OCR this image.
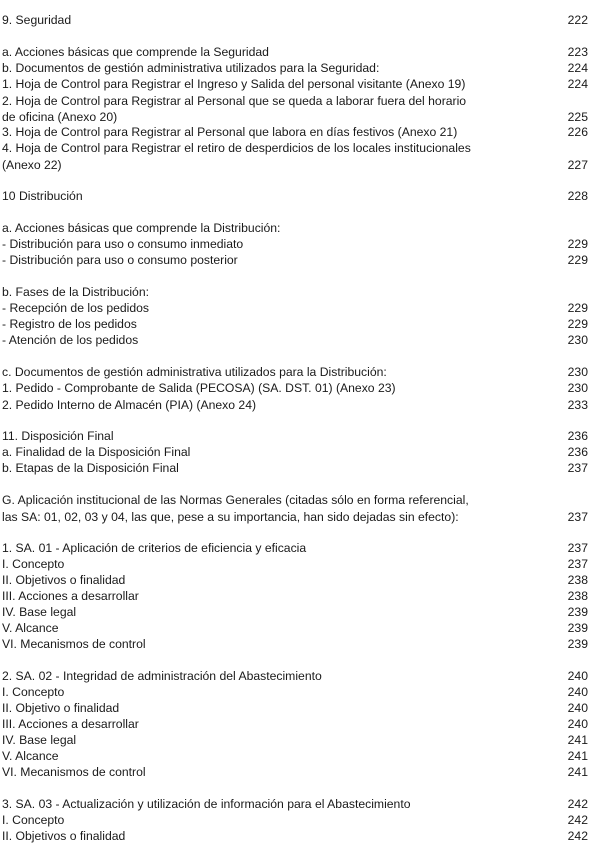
9. Seguridad	222
a. Acciones básicas que comprende la Seguridad	223
b. Documentos de gestión administrativa utilizados para la Seguridad:	224
1. Hoja de Control para Registrar el Ingreso y Salida del personal visitante (Anexo 19)	224
2. Hoja de Control para Registrar al Personal que se queda a laborar fuera del horario
de oficina (Anexo 20)	225
3. Hoja de Control para Registrar al Personal que labora en días festivos (Anexo 21)	226
4. Hoja de Control para Registrar el retiro de desperdicios de los locales institucionales
(Anexo 22)	227
10 Distribución	228
a. Acciones básicas que comprende la Distribución:
- Distribución para uso o consumo inmediato	229
- Distribución para uso o consumo posterior	229
b. Fases de la Distribución:
- Recepción de los pedidos	229
- Registro de los pedidos	229
- Atención de los pedidos	230
c. Documentos de gestión administrativa utilizados para la Distribución:	230
1. Pedido - Comprobante de Salida (PECOSA) (SA. DST. 01) (Anexo 23)	230
2. Pedido Interno de Almacén (PIA) (Anexo 24)	233
11. Disposición Final	236
a. Finalidad de la Disposición Final	236
b. Etapas de la Disposición Final	237
G. Aplicación institucional de las Normas Generales (citadas sólo en forma referencial,
las SA: 01, 02, 03 y 04, las que, pese a su importancia, han sido dejadas sin efecto):	237
1. SA. 01 - Aplicación de criterios de eficiencia y eficacia	237
I. Concepto	237
II. Objetivos o finalidad	238
III. Acciones a desarrollar	238
IV. Base legal	239
V. Alcance	239
VI. Mecanismos de control	239
2. SA. 02 - Integridad de administración del Abastecimiento	240
I. Concepto	240
II. Objetivo o finalidad	240
III. Acciones a desarrollar	240
IV. Base legal	241
V. Alcance	241
VI. Mecanismos de control	241
3. SA. 03 - Actualización y utilización de información para el Abastecimiento	242
I. Concepto	242
II. Objetivos o finalidad	242
